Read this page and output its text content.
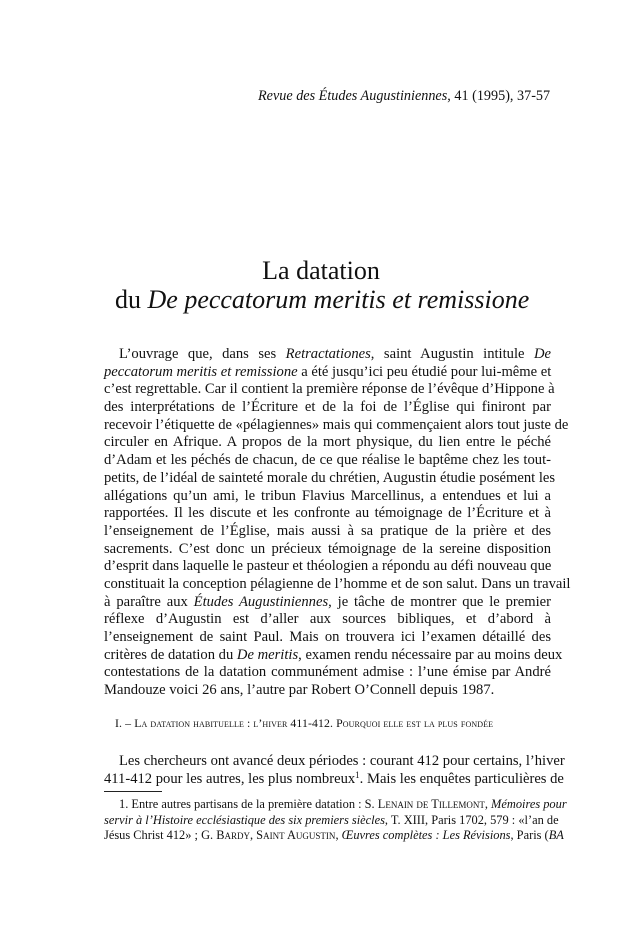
Revue des Études Augustiniennes, 41 (1995), 37-57
La datation
du De peccatorum meritis et remissione
L’ouvrage que, dans ses Retractationes, saint Augustin intitule De
peccatorum meritis et remissione a été jusqu’ici peu étudié pour lui-même et
c’est regrettable. Car il contient la première réponse de l’évêque d’Hippone à
des interprétations de l’Écriture et de la foi de l’Église qui finiront par
recevoir l’étiquette de «pélagiennes» mais qui commençaient alors tout juste de
circuler en Afrique. A propos de la mort physique, du lien entre le péché
d’Adam et les péchés de chacun, de ce que réalise le baptême chez les tout-
petits, de l’idéal de sainteté morale du chrétien, Augustin étudie posément les
allégations qu’un ami, le tribun Flavius Marcellinus, a entendues et lui a
rapportées. Il les discute et les confronte au témoignage de l’Écriture et à
l’enseignement de l’Église, mais aussi à sa pratique de la prière et des
sacrements. C’est donc un précieux témoignage de la sereine disposition
d’esprit dans laquelle le pasteur et théologien a répondu au défi nouveau que
constituait la conception pélagienne de l’homme et de son salut. Dans un travail
à paraître aux Études Augustiniennes, je tâche de montrer que le premier
réflexe d’Augustin est d’aller aux sources bibliques, et d’abord à
l’enseignement de saint Paul. Mais on trouvera ici l’examen détaillé des
critères de datation du De meritis, examen rendu nécessaire par au moins deux
contestations de la datation communément admise : l’une émise par André
Mandouze voici 26 ans, l’autre par Robert O’Connell depuis 1987.
I. – La datation habituelle : l’hiver 411-412. Pourquoi elle est la plus fondée
Les chercheurs ont avancé deux périodes : courant 412 pour certains, l’hiver
411-412 pour les autres, les plus nombreux$^1$. Mais les enquêtes particulières de
1. Entre autres partisans de la première datation : S. Lenain de Tillemont, Mémoires pour
servir à l’Histoire ecclésiastique des six premiers siècles, T. XIII, Paris 1702, 579 : «l’an de
Jésus Christ 412» ; G. Bardy, Saint Augustin, Œuvres complètes : Les Révisions, Paris (BA
